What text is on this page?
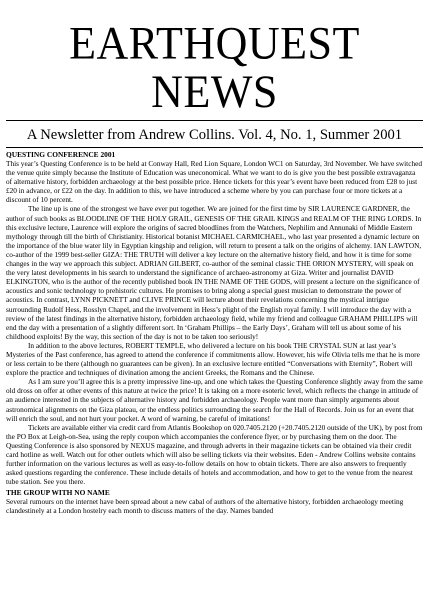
EARTHQUEST NEWS
A Newsletter from Andrew Collins. Vol. 4, No. 1, Summer 2001
QUESTING CONFERENCE 2001

This year’s Questing Conference is to be held at Conway Hall, Red Lion Square, London WC1 on Saturday, 3rd November. We have switched the venue quite simply because the Institute of Education was uneconomical. What we want to do is give you the best possible extravaganza of alternative history, forbidden archaeology at the best possible price. Hence tickets for this year’s event have been reduced from £28 to just £20 in advance, or £22 on the day. In addition to this, we have introduced a scheme where by you can purchase four or more tickets at a discount of 10 percent.

The line up is one of the strongest we have ever put together. We are joined for the first time by SIR LAURENCE GARDNER, the author of such books as BLOODLINE OF THE HOLY GRAIL, GENESIS OF THE GRAIL KINGS and REALM OF THE RING LORDS. In this exclusive lecture, Laurence will explore the origins of sacred bloodlines from the Watchers, Nephilim and Annunaki of Middle Eastern mythology through till the birth of Christianity. Historical botanist MICHAEL CARMICHAEL, who last year presented a dynamic lecture on the importance of the blue water lily in Egyptian kingship and religion, will return to present a talk on the origins of alchemy. IAN LAWTON, co-author of the 1999 best-seller GIZA: THE TRUTH will deliver a key lecture on the alternative history field, and how it is time for some changes in the way we approach this subject. ADRIAN GILBERT, co-author of the seminal classic THE ORION MYSTERY, will speak on the very latest developments in his search to understand the significance of archaeo-astronomy at Giza. Writer and journalist DAVID ELKINGTON, who is the author of the recently published book IN THE NAME OF THE GODS, will present a lecture on the significance of acoustics and sonic technology to prehistoric cultures. He promises to bring along a special guest musician to demonstrate the power of acoustics. In contrast, LYNN PICKNETT and CLIVE PRINCE will lecture about their revelations concerning the mystical intrigue surrounding Rudolf Hess, Rosslyn Chapel, and the involvement in Hess’s plight of the English royal family. I will introduce the day with a review of the latest findings in the alternative history, forbidden archaeology field, while my friend and colleague GRAHAM PHILLIPS will end the day with a presentation of a slightly different sort. In ‘Graham Phillips – the Early Days’, Graham will tell us about some of his childhood exploits! By the way, this section of the day is not to be taken too seriously!

In addition to the above lectures, ROBERT TEMPLE, who delivered a lecture on his book THE CRYSTAL SUN at last year’s Mysteries of the Past conference, has agreed to attend the conference if commitments allow. However, his wife Olivia tells me that he is more or less certain to be there (although no guarantees can be given). In an exclusive lecture entitled “Conversations with Eternity”, Robert will explore the practice and techniques of divination among the ancient Greeks, the Romans and the Chinese.

As I am sure you’ll agree this is a pretty impressive line-up, and one which takes the Questing Conference slightly away from the same old dross on offer at other events of this nature at twice the price! It is taking on a more esoteric level, which reflects the change in attitude of an audience interested in the subjects of alternative history and forbidden archaeology. People want more than simply arguments about astronomical alignments on the Giza plateau, or the endless politics surrounding the search for the Hall of Records. Join us for an event that will enrich the soul, and not hurt your pocket. A word of warning, be careful of imitations!

Tickets are available either via credit card from Atlantis Bookshop on 020.7405.2120 (+20.7405.2120 outside of the UK), by post from the PO Box at Leigh-on-Sea, using the reply coupon which accompanies the conference flyer, or by purchasing them on the door. The Questing Conference is also sponsored by NEXUS magazine, and through adverts in their magazine tickets can be obtained via their credit card hotline as well. Watch out for other outlets which will also be selling tickets via their websites. Eden - Andrew Collins website contains further information on the various lectures as well as easy-to-follow details on how to obtain tickets. There are also answers to frequently asked questions regarding the conference. These include details of hotels and accommodation, and how to get to the venue from the nearest tube station. See you there.

THE GROUP WITH NO NAME

Several rumours on the internet have been spread about a new cabal of authors of the alternative history, forbidden archaeology meeting clandestinely at a London hostelry each month to discuss matters of the day. Names banded
